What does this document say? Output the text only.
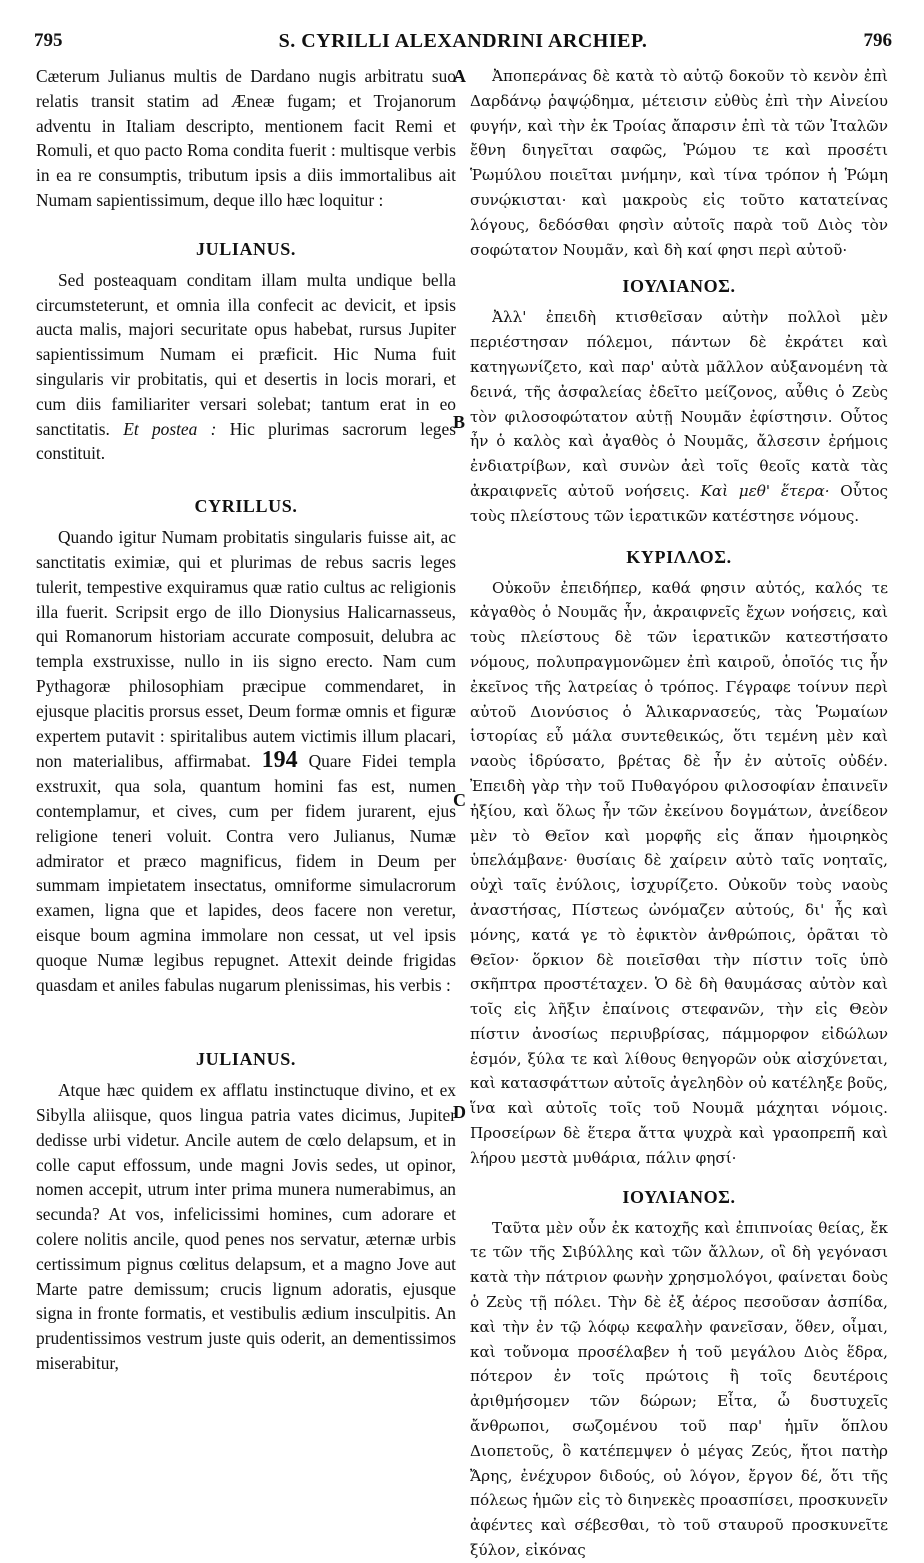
795	S. CYRILLI ALEXANDRINI ARCHIEP.	796
A
B
C
D

Cæterum Julianus multis de Dardano nugis arbitratu suo relatis transit statim ad Æneæ fugam; et Trojanorum adventu in Italiam descripto, mentionem facit Remi et Romuli, et quo pacto Roma condita fuerit : multisque verbis in ea re consumptis, tributum ipsis a diis immortalibus ait Numam sapientissimum, deque illo hæc loquitur :

JULIANUS.

Sed posteaquam conditam illam multa undique bella circumsteterunt, et omnia illa confecit ac devicit, et ipsis aucta malis, majori securitate opus habebat, rursus Jupiter sapientissimum Numam ei præficit. Hic Numa fuit singularis vir probitatis, qui et desertis in locis morari, et cum diis familiariter versari solebat; tantum erat in eo sanctitatis. Et postea : Hic plurimas sacrorum leges constituit.

CYRILLUS.

Quando igitur Numam probitatis singularis fuisse ait, ac sanctitatis eximiæ, qui et plurimas de rebus sacris leges tulerit, tempestive exquiramus quæ ratio cultus ac religionis illa fuerit. Scripsit ergo de illo Dionysius Halicarnasseus, qui Romanorum historiam accurate composuit, delubra ac templa exstruxisse, nullo in iis signo erecto. Nam cum Pythagoræ philosophiam præcipue commendaret, in ejusque placitis prorsus esset, Deum formæ omnis et figuræ expertem putavit : spiritalibus autem victimis illum placari, non materialibus, affirmabat. 194 Quare Fidei templa exstruxit, qua sola, quantum homini fas est, numen contemplamur, et cives, cum per fidem jurarent, ejus religione teneri voluit. Contra vero Julianus, Numæ admirator et præco magnificus, fidem in Deum per summam impietatem insectatus, omniforme simulacrorum examen, ligna que et lapides, deos facere non veretur, eisque boum agmina immolare non cessat, ut vel ipsis quoque Numæ legibus repugnet. Attexit deinde frigidas quasdam et aniles fabulas nugarum plenissimas, his verbis :

JULIANUS.

Atque hæc quidem ex afflatu instinctuque divino, et ex Sibylla aliisque, quos lingua patria vates dicimus, Jupiter dedisse urbi videtur. Ancile autem de cœlo delapsum, et in colle caput effossum, unde magni Jovis sedes, ut opinor, nomen accepit, utrum inter prima munera numerabimus, an secunda? At vos, infelicissimi homines, cum adorare et colere nolitis ancile, quod penes nos servatur, æternæ urbis certissimum pignus cœlitus delapsum, et a magno Jove aut Marte patre demissum; crucis lignum adoratis, ejusque signa in fronte formatis, et vestibulis ædium insculpitis. An prudentissimos vestrum juste quis oderit, an dementissimos miserabitur,

Ἀποπεράνας δὲ κατὰ τὸ αὐτῷ δοκοῦν τὸ κενὸν ἐπὶ Δαρδάνῳ ῥαψῴδημα, μέτεισιν εὐθὺς ἐπὶ τὴν Αἰνείου φυγήν, καὶ τὴν ἐκ Τροίας ἄπαρσιν ἐπὶ τὰ τῶν Ἰταλῶν ἔθνη διηγεῖται σαφῶς, Ῥώμου τε καὶ προσέτι Ῥωμύλου ποιεῖται μνήμην, καὶ τίνα τρόπον ἡ Ῥώμη συνῴκισται· καὶ μακροὺς εἰς τοῦτο κατατείνας λόγους, δεδόσθαι φησὶν αὐτοῖς παρὰ τοῦ Διὸς τὸν σοφώτατον Νουμᾶν, καὶ δὴ καί φησι περὶ αὐτοῦ·

ΙΟΥΛΙΑΝΟΣ.

Ἀλλ' ἐπειδὴ κτισθεῖσαν αὐτὴν πολλοὶ μὲν περιέστησαν πόλεμοι, πάντων δὲ ἐκράτει καὶ κατηγωνίζετο, καὶ παρ' αὐτὰ μᾶλλον αὐξανομένη τὰ δεινά, τῆς ἀσφαλείας ἐδεῖτο μείζονος, αὖθις ὁ Ζεὺς τὸν φιλοσοφώτατον αὐτῇ Νουμᾶν ἐφίστησιν. Οὗτος ἦν ὁ καλὸς καὶ ἀγαθὸς ὁ Νουμᾶς, ἄλσεσιν ἐρήμοις ἐνδιατρίβων, καὶ συνὼν ἀεὶ τοῖς θεοῖς κατὰ τὰς ἀκραιφνεῖς αὐτοῦ νοήσεις. Καὶ μεθ' ἕτερα· Οὗτος τοὺς πλείστους τῶν ἱερατικῶν κατέστησε νόμους.

ΚΥΡΙΛΛΟΣ.

Οὐκοῦν ἐπειδήπερ, καθά φησιν αὐτός, καλός τε κἀγαθὸς ὁ Νουμᾶς ἦν, ἀκραιφνεῖς ἔχων νοήσεις, καὶ τοὺς πλείστους δὲ τῶν ἱερατικῶν κατεστήσατο νόμους, πολυπραγμονῶμεν ἐπὶ καιροῦ, ὁποῖός τις ἦν ἐκεῖνος τῆς λατρείας ὁ τρόπος. Γέγραφε τοίνυν περὶ αὐτοῦ Διονύσιος ὁ Ἁλικαρνασεύς, τὰς Ῥωμαίων ἱστορίας εὖ μάλα συντεθεικώς, ὅτι τεμένη μὲν καὶ ναοὺς ἱδρύσατο, βρέτας δὲ ἦν ἐν αὐτοῖς οὐδέν. Ἐπειδὴ γὰρ τὴν τοῦ Πυθαγόρου φιλοσοφίαν ἐπαινεῖν ἠξίου, καὶ ὅλως ἦν τῶν ἐκείνου δογμάτων, ἀνείδεον μὲν τὸ Θεῖον καὶ μορφῆς εἰς ἅπαν ἠμοιρηκὸς ὑπελάμβανε· θυσίαις δὲ χαίρειν αὐτὸ ταῖς νοηταῖς, οὐχὶ ταῖς ἐνύλοις, ἰσχυρίζετο. Οὐκοῦν τοὺς ναοὺς ἀναστήσας, Πίστεως ὠνόμαζεν αὐτούς, δι' ἧς καὶ μόνης, κατά γε τὸ ἐφικτὸν ἀνθρώποις, ὁρᾶται τὸ Θεῖον· ὅρκιον δὲ ποιεῖσθαι τὴν πίστιν τοῖς ὑπὸ σκῆπτρα προστέταχεν. Ὁ δὲ δὴ θαυμάσας αὐτὸν καὶ τοῖς εἰς λῆξιν ἐπαίνοις στεφανῶν, τὴν εἰς Θεὸν πίστιν ἀνοσίως περιυβρίσας, πάμμορφον εἰδώλων ἑσμόν, ξύλα τε καὶ λίθους θεηγορῶν οὐκ αἰσχύνεται, καὶ κατασφάττων αὐτοῖς ἀγεληδὸν οὐ κατέληξε βοῦς, ἵνα καὶ αὐτοῖς τοῖς τοῦ Νουμᾶ μάχηται νόμοις. Προσείρων δὲ ἕτερα ἄττα ψυχρὰ καὶ γραοπρεπῆ καὶ λήρου μεστὰ μυθάρια, πάλιν φησί·

ΙΟΥΛΙΑΝΟΣ.

Ταῦτα μὲν οὖν ἐκ κατοχῆς καὶ ἐπιπνοίας θείας, ἔκ τε τῶν τῆς Σιβύλλης καὶ τῶν ἄλλων, οἳ δὴ γεγόνασι κατὰ τὴν πάτριον φωνὴν χρησμολόγοι, φαίνεται δοὺς ὁ Ζεὺς τῇ πόλει. Τὴν δὲ ἐξ ἀέρος πεσοῦσαν ἀσπίδα, καὶ τὴν ἐν τῷ λόφῳ κεφαλὴν φανεῖσαν, ὅθεν, οἶμαι, καὶ τοὔνομα προσέλαβεν ἡ τοῦ μεγάλου Διὸς ἕδρα, πότερον ἐν τοῖς πρώτοις ἢ τοῖς δευτέροις ἀριθμήσομεν τῶν δώρων; Εἶτα, ὦ δυστυχεῖς ἄνθρωποι, σωζομένου τοῦ παρ' ἡμῖν ὅπλου Διοπετοῦς, ὃ κατέπεμψεν ὁ μέγας Ζεύς, ἤτοι πατὴρ Ἄρης, ἐνέχυρον διδούς, οὐ λόγον, ἔργον δέ, ὅτι τῆς πόλεως ἡμῶν εἰς τὸ διηνεκὲς προασπίσει, προσκυνεῖν ἀφέντες καὶ σέβεσθαι, τὸ τοῦ σταυροῦ προσκυνεῖτε ξύλον, εἰκόνας
